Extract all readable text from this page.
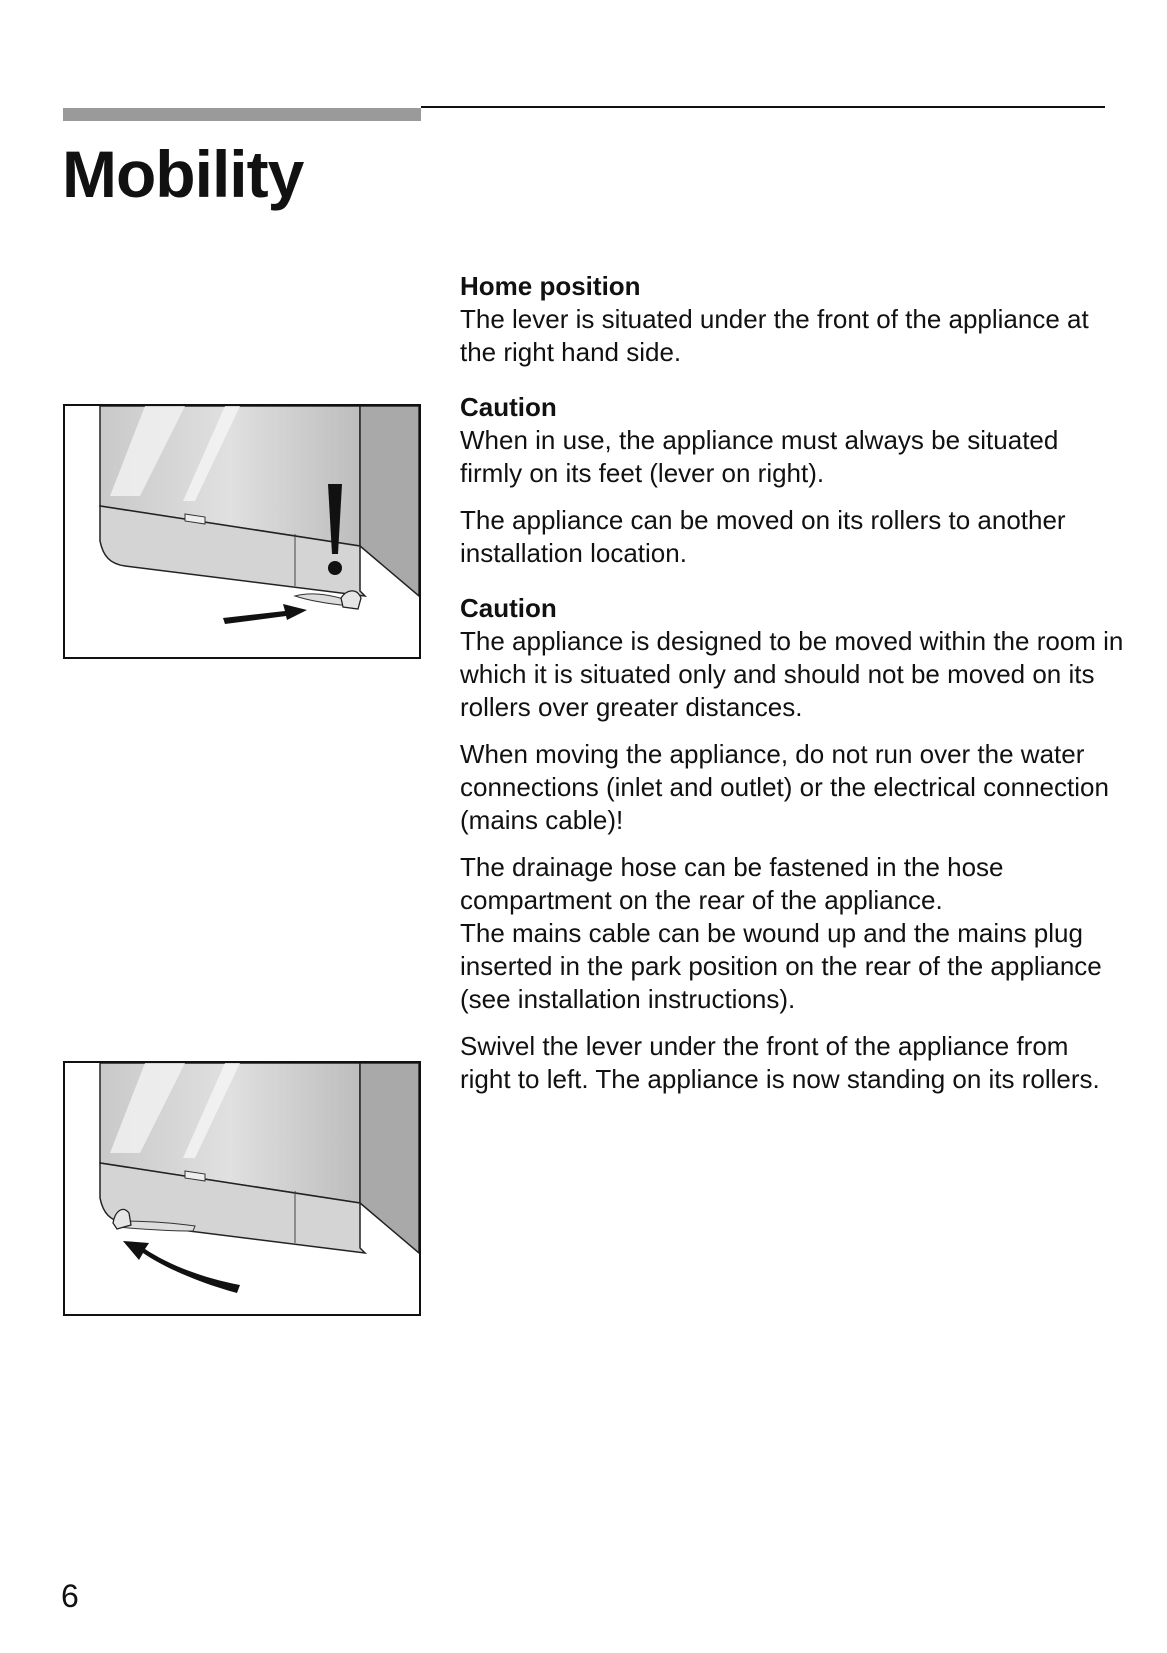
Mobility
Home position

The lever is situated under the front of the appliance at the right hand side.

Caution

When in use, the appliance must always be situated firmly on its feet (lever on right).

The appliance can be moved on its rollers to another installation location.

Caution

The appliance is designed to be moved within the room in which it is situated only and should not be moved on its rollers over greater distances.

When moving the appliance, do not run over the water connections (inlet and outlet) or the electrical connection (mains cable)!

The drainage hose can be fastened in the hose compartment on the rear of the appliance.

The mains cable can be wound up and the mains plug inserted in the park position on the rear of the appliance (see installation instructions).

Swivel the lever under the front of the appliance from right to left. The appliance is now standing on its rollers.

6
